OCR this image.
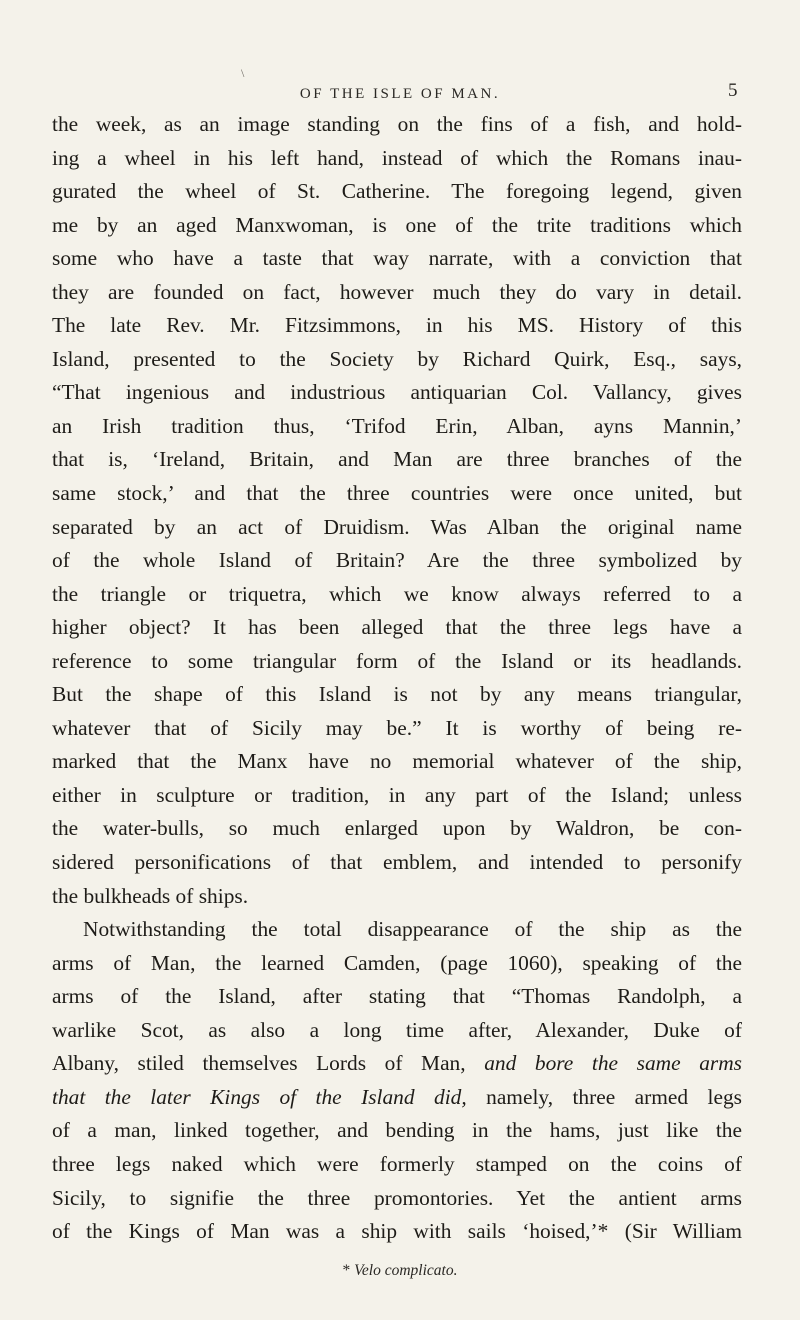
\
OF THE ISLE OF MAN.	5
the week, as an image standing on the fins of a fish, and hold-
ing a wheel in his left hand, instead of which the Romans inau-
gurated the wheel of St. Catherine. The foregoing legend, given
me by an aged Manxwoman, is one of the trite traditions which
some who have a taste that way narrate, with a conviction that
they are founded on fact, however much they do vary in detail.
The late Rev. Mr. Fitzsimmons, in his MS. History of this
Island, presented to the Society by Richard Quirk, Esq., says,
“That ingenious and industrious antiquarian Col. Vallancy, gives
an Irish tradition thus, ‘Trifod Erin, Alban, ayns Mannin,’
that is, ‘Ireland, Britain, and Man are three branches of the
same stock,’ and that the three countries were once united, but
separated by an act of Druidism. Was Alban the original name
of the whole Island of Britain? Are the three symbolized by
the triangle or triquetra, which we know always referred to a
higher object? It has been alleged that the three legs have a
reference to some triangular form of the Island or its headlands.
But the shape of this Island is not by any means triangular,
whatever that of Sicily may be.” It is worthy of being re-
marked that the Manx have no memorial whatever of the ship,
either in sculpture or tradition, in any part of the Island; unless
the water-bulls, so much enlarged upon by Waldron, be con-
sidered personifications of that emblem, and intended to personify
the bulkheads of ships.
Notwithstanding the total disappearance of the ship as the
arms of Man, the learned Camden, (page 1060), speaking of the
arms of the Island, after stating that “Thomas Randolph, a
warlike Scot, as also a long time after, Alexander, Duke of
Albany, stiled themselves Lords of Man, and bore the same arms
that the later Kings of the Island did, namely, three armed legs
of a man, linked together, and bending in the hams, just like the
three legs naked which were formerly stamped on the coins of
Sicily, to signifie the three promontories. Yet the antient arms
of the Kings of Man was a ship with sails ‘hoised,’* (Sir William
* Velo complicato.
